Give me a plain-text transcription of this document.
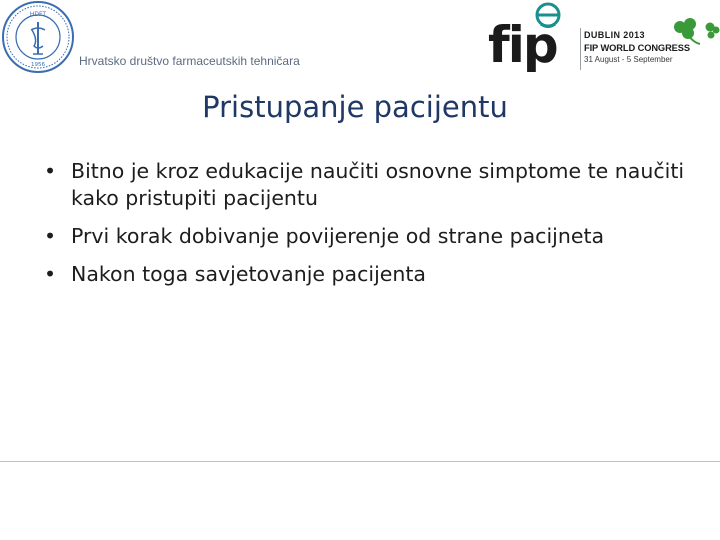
HDFT
1956	Hrvatsko društvo farmaceutskih tehničara	fip	DUBLIN 2013
FIP WORLD CONGRESS
31 August - 5 September
Pristupanje pacijentu
• Bitno je kroz edukacije naučiti osnovne simptome te naučiti kako pristupiti pacijentu
• Prvi korak dobivanje povijerenje od strane pacijneta
• Nakon toga savjetovanje pacijenta
